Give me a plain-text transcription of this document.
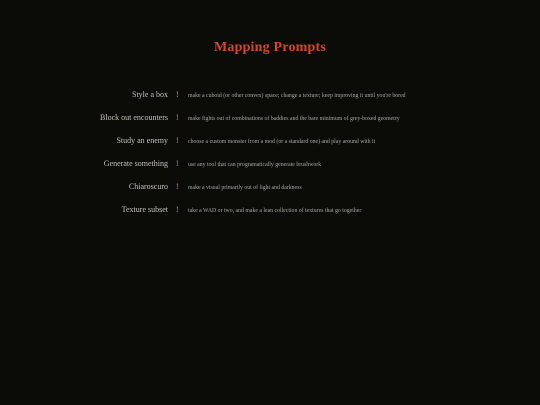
Mapping Prompts
Style a box ! make a cuboid (or other convex) space; change a texture; keep improving it until you're bored
Block out encounters ! make fights out of combinations of baddies and the bare minimum of grey-boxed geometry
Study an enemy ! choose a custom monster from a mod (or a standard one) and play around with it
Generate something ! use any tool that can programatically generate brushwork
Chiaroscuro ! make a visual primarily out of light and darkness
Texture subset ! take a WAD or two, and make a lean collection of textures that go together
